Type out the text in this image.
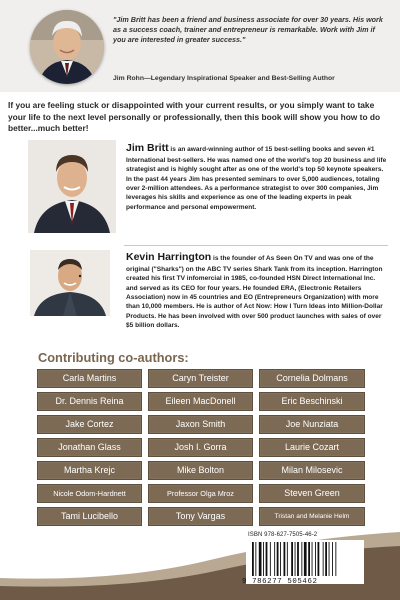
"Jim Britt has been a friend and business associate for over 30 years. His work as a success coach, trainer and entrepreneur is remarkable. Work with Jim if you are interested in greater success."
Jim Rohn—Legendary Inspirational Speaker and Best-Selling Author
If you are feeling stuck or disappointed with your current results, or you simply want to take your life to the next level personally or professionally, then this book will show you how to do better...much better!
Jim Britt is an award-winning author of 15 best-selling books and seven #1 International best-sellers. He was named one of the world's top 20 business and life strategist and is highly sought after as one of the world's top 50 keynote speakers. In the past 44 years Jim has presented seminars to over 5,000 audiences, totaling over 2-million attendees. As a performance strategist to over 300 companies, Jim leverages his skills and experience as one of the leading experts in peak performance and personal empowerment.
Kevin Harrington is the founder of As Seen On TV and was one of the original ("Sharks") on the ABC TV series Shark Tank from its inception. Harrington created his first TV infomercial in 1985, co-founded HSN Direct International Inc. and served as its CEO for four years. He founded ERA, (Electronic Retailers Association) now in 45 countries and EO (Entrepreneurs Organization) with more than 10,000 members. He is author of Act Now: How I Turn Ideas into Million-Dollar Products. He has been involved with over 500 product launches with sales of over $5 billion dollars.
Contributing co-authors:
Carla Martins	Caryn Treister	Cornelia Dolmans
Dr. Dennis Reina	Eileen MacDonell	Eric Beschinski
Jake Cortez	Jaxon Smith	Joe Nunziata
Jonathan Glass	Josh I. Gorra	Laurie Cozart
Martha Krejc	Mike Bolton	Milan Milosevic
Nicole Odom-Hardnett	Professor Olga Mroz	Steven Green
Tami Lucibello	Tony Vargas	Tristan and Melanie Helm
ISBN 978-627-7505-46-2
9 786277 505462
